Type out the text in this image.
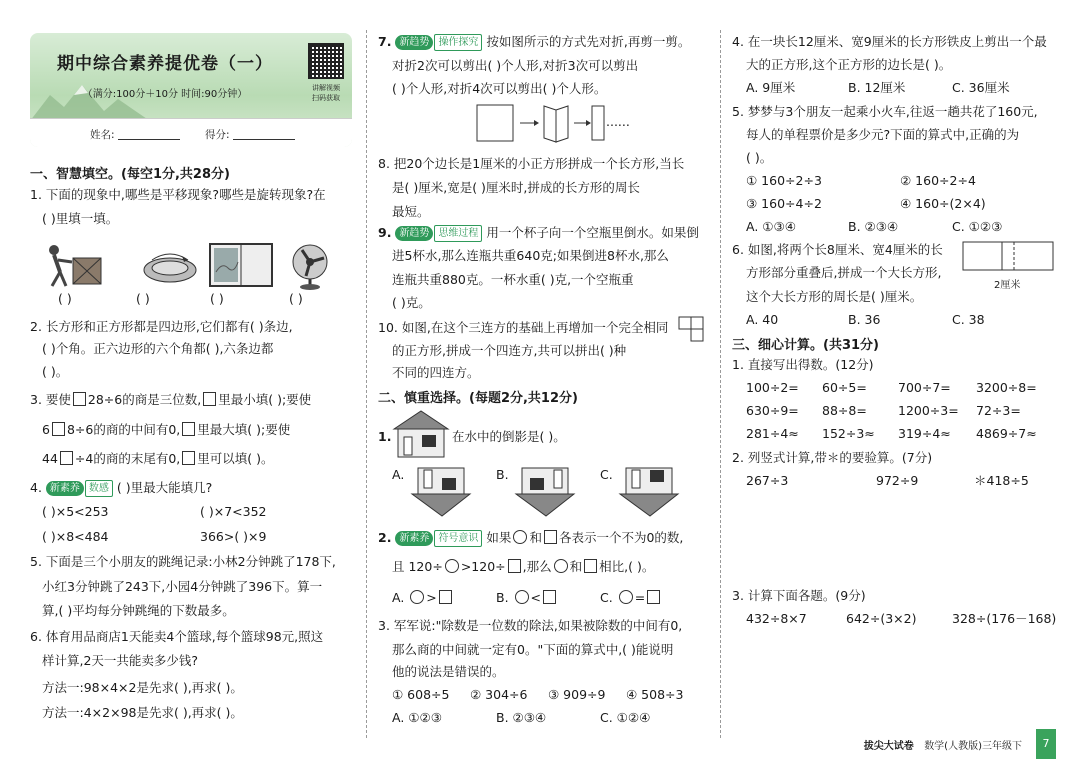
期中综合素养提优卷（一）
（满分:100分＋10分 时间:90分钟）
讲解视频
扫码获取
姓名:	得分:
一、智慧填空。(每空1分,共28分)
1. 下面的现象中,哪些是平移现象?哪些是旋转现象?在
( )里填一填。
( )	( )	( )	( )
2. 长方形和正方形都是四边形,它们都有( )条边,
( )个角。正六边形的六个角都( ),六条边都
( )。
3. 要使 28÷6的商是三位数, 里最小填( );要使
6 8÷6的商的中间有0, 里最大填( );要使
44 ÷4的商的末尾有0, 里可以填( )。
4. 新素养 数感 ( )里最大能填几?
( )×5<253	( )×7<352
( )×8<484	366>( )×9
5. 下面是三个小朋友的跳绳记录:小林2分钟跳了178下,
小红3分钟跳了243下,小园4分钟跳了396下。算一
算,( )平均每分钟跳绳的下数最多。
6. 体育用品商店1天能卖4个篮球,每个篮球98元,照这
样计算,2天一共能卖多少钱?
方法一:98×4×2是先求( ),再求( )。
方法一:4×2×98是先求( ),再求( )。
7. 新趋势 操作探究 按如图所示的方式先对折,再剪一剪。
对折2次可以剪出( )个人形,对折3次可以剪出
( )个人形,对折4次可以剪出( )个人形。
......
8. 把20个边长是1厘米的小正方形拼成一个长方形,当长
是( )厘米,宽是( )厘米时,拼成的长方形的周长
最短。
9. 新趋势 思维过程 用一个杯子向一个空瓶里倒水。如果倒
进5杯水,那么连瓶共重640克;如果倒进8杯水,那么
连瓶共重880克。一杯水重( )克,一个空瓶重
( )克。
10. 如图,在这个三连方的基础上再增加一个完全相同
的正方形,拼成一个四连方,共可以拼出( )种
不同的四连方。
二、慎重选择。(每题2分,共12分)
1.	在水中的倒影是( )。
A.	B.	C.
2. 新素养 符号意识 如果 和 各表示一个不为0的数,
且 120÷ >120÷ ,那么 和 相比,( )。
A. >	B. <	C. =
3. 军军说:"除数是一位数的除法,如果被除数的中间有0,
那么商的中间就一定有0。"下面的算式中,( )能说明
他的说法是错误的。
① 608÷5 ② 304÷6 ③ 909÷9 ④ 508÷3
A. ①②③	B. ②③④	C. ①②④
4. 在一块长12厘米、宽9厘米的长方形铁皮上剪出一个最
大的正方形,这个正方形的边长是( )。
A. 9厘米	B. 12厘米	C. 36厘米
5. 梦梦与3个朋友一起乘小火车,往返一趟共花了160元,
每人的单程票价是多少元?下面的算式中,正确的为
( )。
① 160÷2÷3	② 160÷2÷4
③ 160÷4÷2	④ 160÷(2×4)
A. ①③④	B. ②③④	C. ①②③
6. 如图,将两个长8厘米、宽4厘米的长
方形部分重叠后,拼成一个大长方形,
这个大长方形的周长是( )厘米。
2厘米
A. 40	B. 36	C. 38
三、细心计算。(共31分)
1. 直接写出得数。(12分)
100÷2= 60÷5= 700÷7= 3200÷8=
630÷9= 88÷8= 1200÷3= 72÷3=
281÷4≈ 152÷3≈ 319÷4≈ 4869÷7≈
2. 列竖式计算,带＊的要验算。(7分)
267÷3	972÷9	＊418÷5
3. 计算下面各题。(9分)
432÷8×7	642÷(3×2)	328÷(176－168)
拔尖大试卷 数学(人教版)三年级下	7
